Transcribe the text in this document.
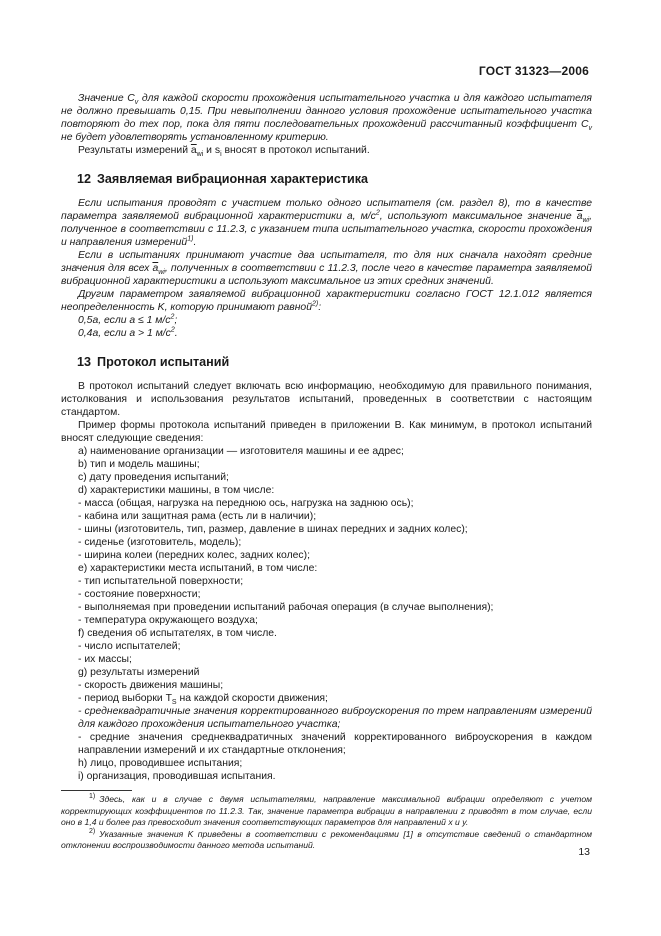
ГОСТ 31323—2006

Значение $C_v$ для каждой скорости прохождения испытательного участка и для каждого испытателя не должно превышать 0,15. При невыполнении данного условия прохождение испытательного участка повторяют до тех пор, пока для пяти последовательных прохождений рассчитанный коэффициент $C_v$ не будет удовлетворять установленному критерию.

Результаты измерений $\overline{a}_{wi}$ и $s_i$ вносят в протокол испытаний.

12 Заявляемая вибрационная характеристика

Если испытания проводят с участием только одного испытателя (см. раздел 8), то в качестве параметра заявляемой вибрационной характеристики a, $м/с^2$, используют максимальное значение $\overline{a}_{wi}$, полученное в соответствии с 11.2.3, с указанием типа испытательного участка, скорости прохождения и направления измерений$^{1)}$.

Если в испытаниях принимают участие два испытателя, то для них сначала находят средние значения для всех $\overline{a}_{wi}$, полученных в соответствии с 11.2.3, после чего в качестве параметра заявляемой вибрационной характеристики a используют максимальное из этих средних значений.

Другим параметром заявляемой вибрационной характеристики согласно ГОСТ 12.1.012 является неопределенность K, которую принимают равной$^{2)}$:

0,5a, если a ≤ 1 $м/с^2$;

0,4a, если a > 1 $м/с^2$.

13 Протокол испытаний

В протокол испытаний следует включать всю информацию, необходимую для правильного понимания, истолкования и использования результатов испытаний, проведенных в соответствии с настоящим стандартом.

Пример формы протокола испытаний приведен в приложении В. Как минимум, в протокол испытаний вносят следующие сведения:

a) наименование организации — изготовителя машины и ее адрес;

b) тип и модель машины;

c) дату проведения испытаний;

d) характеристики машины, в том числе:

- масса (общая, нагрузка на переднюю ось, нагрузка на заднюю ось);

- кабина или защитная рама (есть ли в наличии);

- шины (изготовитель, тип, размер, давление в шинах передних и задних колес);

- сиденье (изготовитель, модель);

- ширина колеи (передних колес, задних колес);

e) характеристики места испытаний, в том числе:

- тип испытательной поверхности;

- состояние поверхности;

- выполняемая при проведении испытаний рабочая операция (в случае выполнения);

- температура окружающего воздуха;

f) сведения об испытателях, в том числе.

- число испытателей;

- их массы;

g) результаты измерений

- скорость движения машины;

- период выборки $T_S$ на каждой скорости движения;

- среднеквадратичные значения корректированного виброускорения по трем направлениям измерений для каждого прохождения испытательного участка;

- средние значения среднеквадратичных значений корректированного виброускорения в каждом направлении измерений и их стандартные отклонения;

h) лицо, проводившее испытания;

i) организация, проводившая испытания.

$^{1)}$ Здесь, как и в случае с двумя испытателями, направление максимальной вибрации определяют с учетом корректирующих коэффициентов по 11.2.3. Так, значение параметра вибрации в направлении z приводят в том случае, если оно в 1,4 и более раз превосходит значения соответствующих параметров для направлений x и y.

$^{2)}$ Указанные значения K приведены в соответствии с рекомендациями [1] в отсутствие сведений о стандартном отклонении воспроизводимости данного метода испытаний.

13
